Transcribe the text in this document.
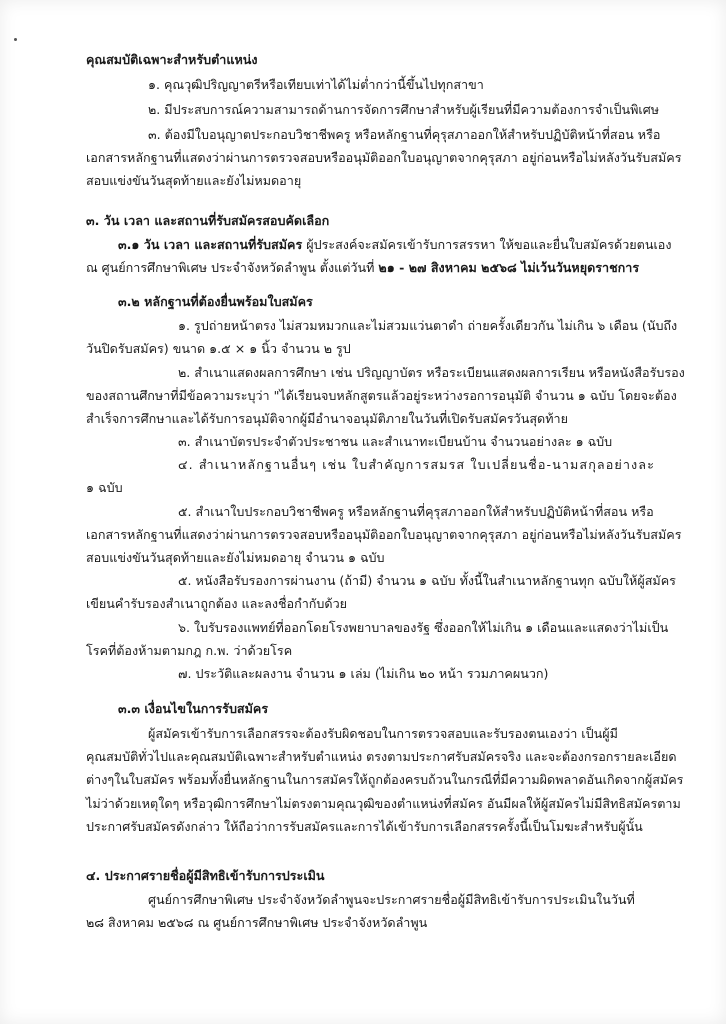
คุณสมบัติเฉพาะสำหรับตำแหน่ง
๑. คุณวุฒิปริญญาตรีหรือเทียบเท่าได้ไม่ต่ำกว่านี้ขึ้นไปทุกสาขา
๒. มีประสบการณ์ความสามารถด้านการจัดการศึกษาสำหรับผู้เรียนที่มีความต้องการจำเป็นพิเศษ
๓. ต้องมีใบอนุญาตประกอบวิชาชีพครู หรือหลักฐานที่คุรุสภาออกให้สำหรับปฏิบัติหน้าที่สอน หรือ
เอกสารหลักฐานที่แสดงว่าผ่านการตรวจสอบหรืออนุมัติออกใบอนุญาตจากคุรุสภา อยู่ก่อนหรือไม่หลังวันรับสมัคร
สอบแข่งขันวันสุดท้ายและยังไม่หมดอายุ
๓. วัน เวลา และสถานที่รับสมัครสอบคัดเลือก
๓.๑ วัน เวลา และสถานที่รับสมัคร ผู้ประสงค์จะสมัครเข้ารับการสรรหา ให้ขอและยื่นใบสมัครด้วยตนเอง
ณ ศูนย์การศึกษาพิเศษ ประจำจังหวัดลำพูน ตั้งแต่วันที่ ๒๑ - ๒๗ สิงหาคม ๒๕๖๘ ไม่เว้นวันหยุดราชการ
๓.๒ หลักฐานที่ต้องยื่นพร้อมใบสมัคร
๑. รูปถ่ายหน้าตรง ไม่สวมหมวกและไม่สวมแว่นตาดำ ถ่ายครั้งเดียวกัน ไม่เกิน ๖ เดือน (นับถึง
วันปิดรับสมัคร) ขนาด ๑.๕ × ๑ นิ้ว จำนวน ๒ รูป
๒. สำเนาแสดงผลการศึกษา เช่น ปริญญาบัตร หรือระเบียนแสดงผลการเรียน หรือหนังสือรับรอง
ของสถานศึกษาที่มีข้อความระบุว่า "ได้เรียนจบหลักสูตรแล้วอยู่ระหว่างรอการอนุมัติ จำนวน ๑ ฉบับ โดยจะต้อง
สำเร็จการศึกษาและได้รับการอนุมัติจากผู้มีอำนาจอนุมัติภายในวันที่เปิดรับสมัครวันสุดท้าย
๓. สำเนาบัตรประจำตัวประชาชน และสำเนาทะเบียนบ้าน จำนวนอย่างละ ๑ ฉบับ
๔. สำเนาหลักฐานอื่นๆ เช่น ใบสำคัญการสมรส ใบเปลี่ยนชื่อ-นามสกุลอย่างละ
๑ ฉบับ
๕. สำเนาใบประกอบวิชาชีพครู หรือหลักฐานที่คุรุสภาออกให้สำหรับปฏิบัติหน้าที่สอน หรือ
เอกสารหลักฐานที่แสดงว่าผ่านการตรวจสอบหรืออนุมัติออกใบอนุญาตจากคุรุสภา อยู่ก่อนหรือไม่หลังวันรับสมัคร
สอบแข่งขันวันสุดท้ายและยังไม่หมดอายุ จำนวน ๑ ฉบับ
๕. หนังสือรับรองการผ่านงาน (ถ้ามี) จำนวน ๑ ฉบับ ทั้งนี้ในสำเนาหลักฐานทุก ฉบับให้ผู้สมัคร
เขียนคำรับรองสำเนาถูกต้อง และลงชื่อกำกับด้วย
๖. ใบรับรองแพทย์ที่ออกโดยโรงพยาบาลของรัฐ ซึ่งออกให้ไม่เกิน ๑ เดือนและแสดงว่าไม่เป็น
โรคที่ต้องห้ามตามกฎ ก.พ. ว่าด้วยโรค
๗. ประวัติและผลงาน จำนวน ๑ เล่ม (ไม่เกิน ๒๐ หน้า รวมภาคผนวก)
๓.๓ เงื่อนไขในการรับสมัคร
ผู้สมัครเข้ารับการเลือกสรรจะต้องรับผิดชอบในการตรวจสอบและรับรองตนเองว่า เป็นผู้มี
คุณสมบัติทั่วไปและคุณสมบัติเฉพาะสำหรับตำแหน่ง ตรงตามประกาศรับสมัครจริง และจะต้องกรอกรายละเอียด
ต่างๆในใบสมัคร พร้อมทั้งยื่นหลักฐานในการสมัครให้ถูกต้องครบถ้วนในกรณีที่มีความผิดพลาดอันเกิดจากผู้สมัคร
ไม่ว่าด้วยเหตุใดๆ หรือวุฒิการศึกษาไม่ตรงตามคุณวุฒิของตำแหน่งที่สมัคร อันมีผลให้ผู้สมัครไม่มีสิทธิสมัครตาม
ประกาศรับสมัครดังกล่าว ให้ถือว่าการรับสมัครและการได้เข้ารับการเลือกสรรครั้งนี้เป็นโมฆะสำหรับผู้นั้น
๔. ประกาศรายชื่อผู้มีสิทธิเข้ารับการประเมิน
ศูนย์การศึกษาพิเศษ ประจำจังหวัดลำพูนจะประกาศรายชื่อผู้มีสิทธิเข้ารับการประเมินในวันที่
๒๘ สิงหาคม ๒๕๖๘ ณ ศูนย์การศึกษาพิเศษ ประจำจังหวัดลำพูน
